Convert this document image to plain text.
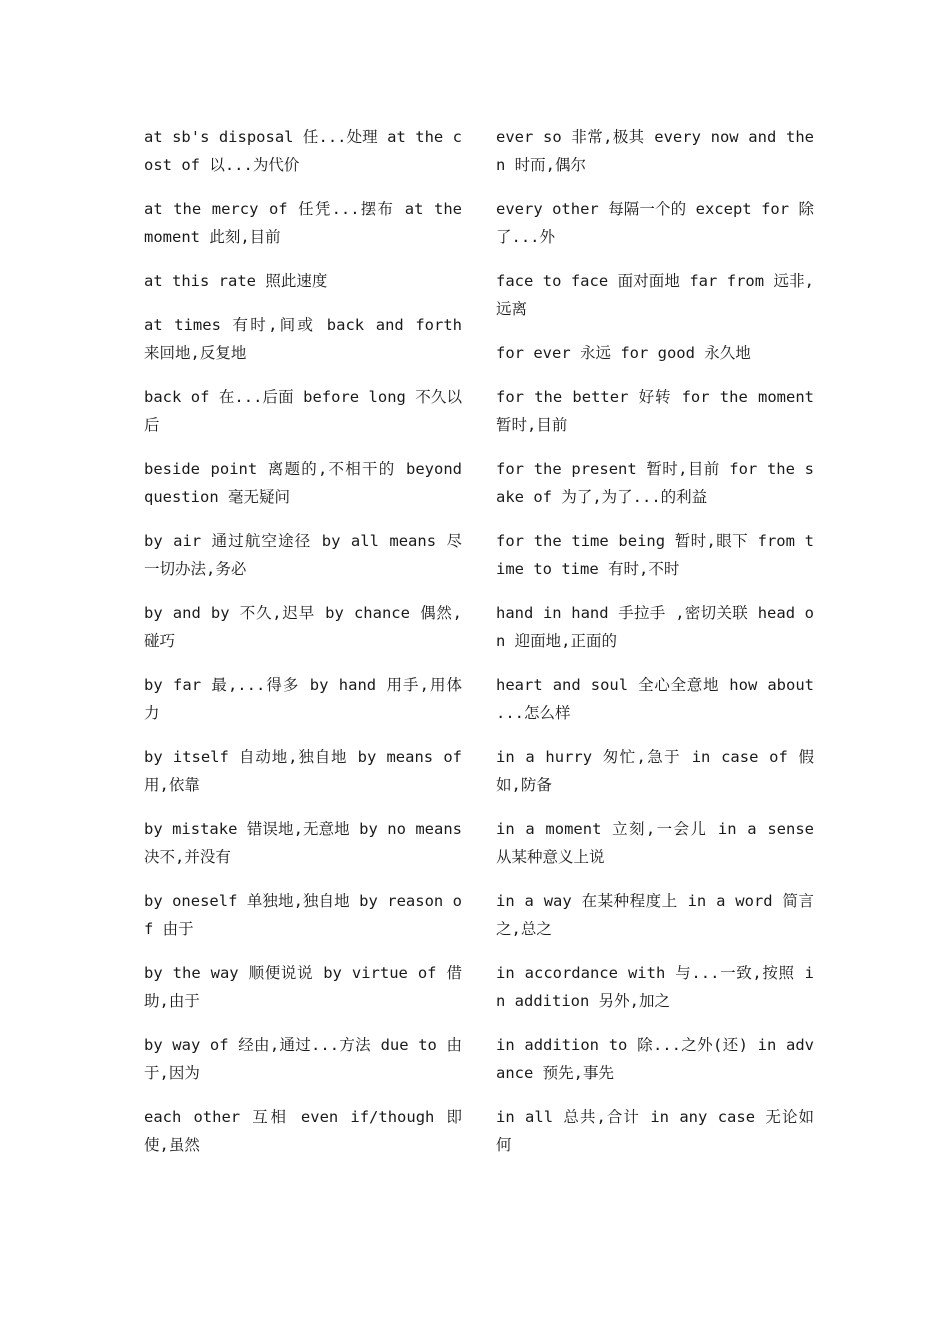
at sb's disposal 任...处理 at the cost of 以...为代价

at the mercy of 任凭...摆布 at the moment 此刻,目前

at this rate 照此速度

at times 有时,间或 back and forth 来回地,反复地

back of 在...后面 before long 不久以后

beside point 离题的,不相干的 beyond question 毫无疑问

by air 通过航空途径 by all means 尽一切办法,务必

by and by 不久,迟早 by chance 偶然,碰巧

by far 最,...得多 by hand 用手,用体力

by itself 自动地,独自地 by means of 用,依靠

by mistake 错误地,无意地 by no means 决不,并没有

by oneself 单独地,独自地 by reason of 由于

by the way 顺便说说 by virtue of 借助,由于

by way of 经由,通过...方法 due to 由于,因为

each other 互相 even if/though 即使,虽然

ever so 非常,极其 every now and then 时而,偶尔

every other 每隔一个的 except for 除了...外

face to face 面对面地 far from 远非,远离

for ever 永远 for good 永久地

for the better 好转 for the moment 暂时,目前

for the present 暂时,目前 for the sake of 为了,为了...的利益

for the time being 暂时,眼下 from time to time 有时,不时

hand in hand 手拉手 ,密切关联 head on 迎面地,正面的

heart and soul 全心全意地 how about ...怎么样

in a hurry 匆忙,急于 in case of 假如,防备

in a moment 立刻,一会儿 in a sense 从某种意义上说

in a way 在某种程度上 in a word 简言之,总之

in accordance with 与...一致,按照 in addition 另外,加之

in addition to 除...之外(还) in advance 预先,事先

in all 总共,合计 in any case 无论如何
